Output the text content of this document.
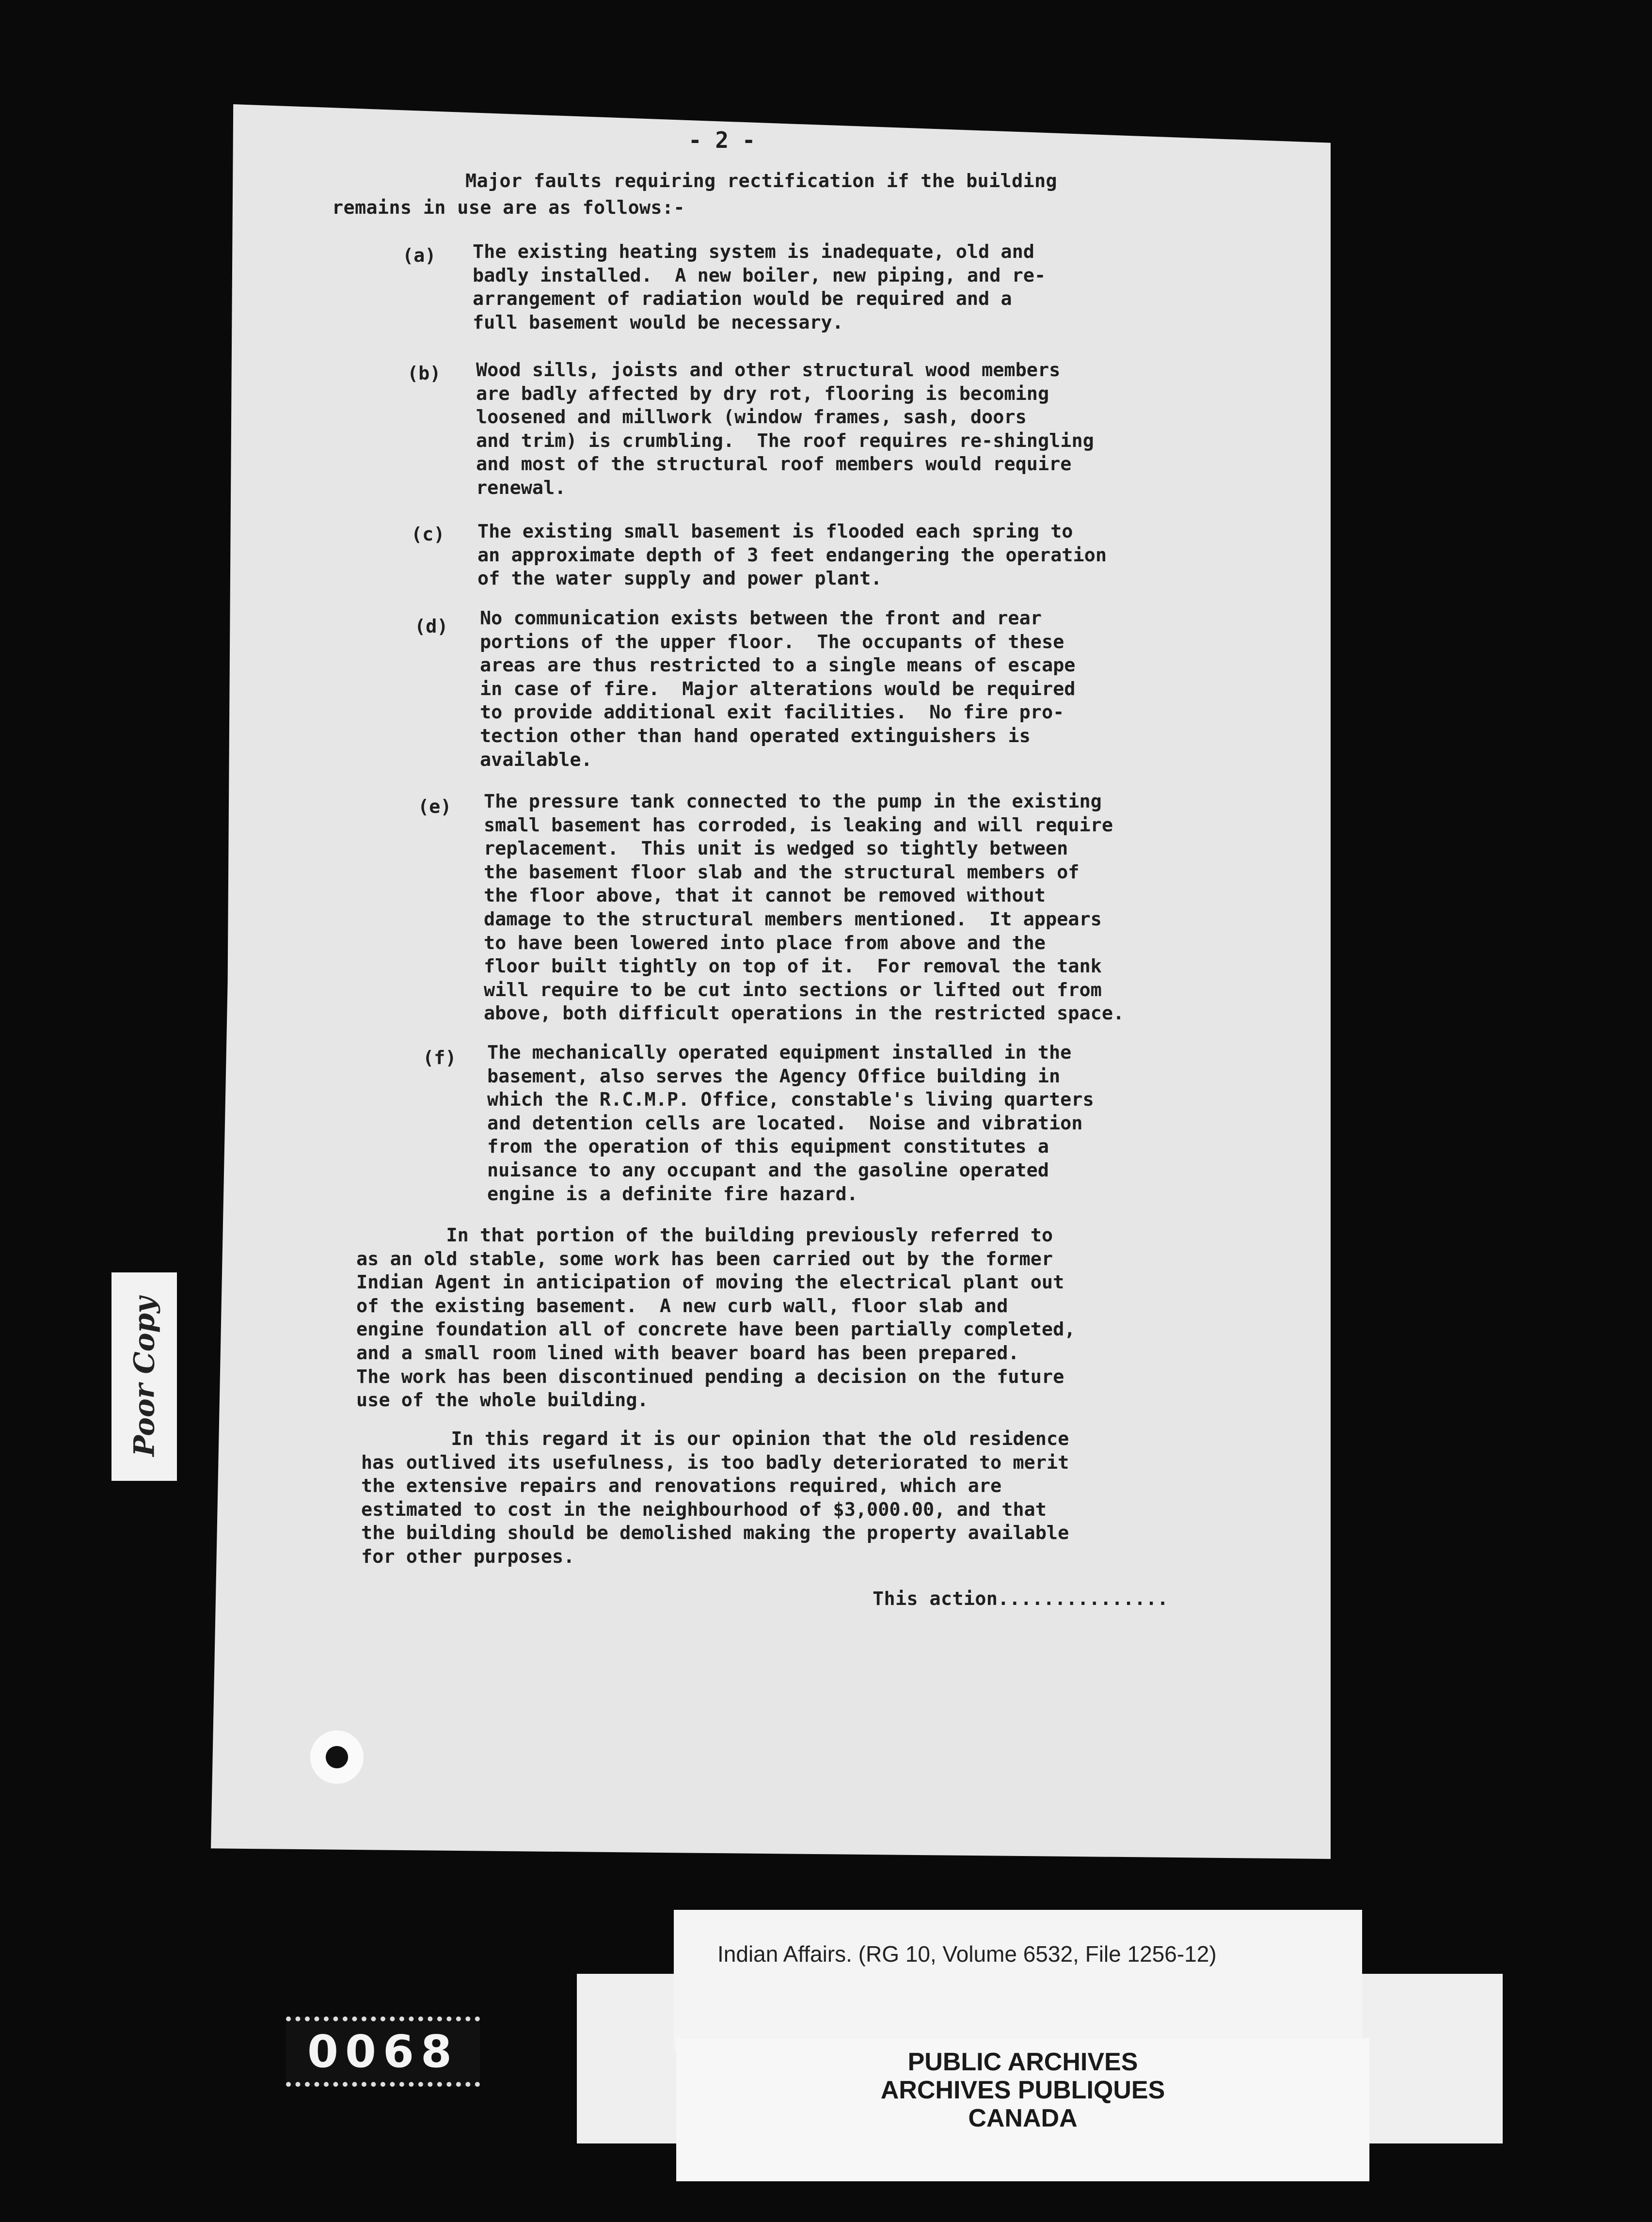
- 2 -
Major faults requiring rectification if the building
remains in use are as follows:-
(a) The existing heating system is inadequate, old and
badly installed.  A new boiler, new piping, and re-
arrangement of radiation would be required and a
full basement would be necessary.
(b) Wood sills, joists and other structural wood members
are badly affected by dry rot, flooring is becoming
loosened and millwork (window frames, sash, doors
and trim) is crumbling.  The roof requires re-shingling
and most of the structural roof members would require
renewal.
(c) The existing small basement is flooded each spring to
an approximate depth of 3 feet endangering the operation
of the water supply and power plant.
(d) No communication exists between the front and rear
portions of the upper floor.  The occupants of these
areas are thus restricted to a single means of escape
in case of fire.  Major alterations would be required
to provide additional exit facilities.  No fire pro-
tection other than hand operated extinguishers is
available.
(e) The pressure tank connected to the pump in the existing
small basement has corroded, is leaking and will require
replacement.  This unit is wedged so tightly between
the basement floor slab and the structural members of
the floor above, that it cannot be removed without
damage to the structural members mentioned.  It appears
to have been lowered into place from above and the
floor built tightly on top of it.  For removal the tank
will require to be cut into sections or lifted out from
above, both difficult operations in the restricted space.
(f) The mechanically operated equipment installed in the
basement, also serves the Agency Office building in
which the R.C.M.P. Office, constable's living quarters
and detention cells are located.  Noise and vibration
from the operation of this equipment constitutes a
nuisance to any occupant and the gasoline operated
engine is a definite fire hazard.
In that portion of the building previously referred to
as an old stable, some work has been carried out by the former
Indian Agent in anticipation of moving the electrical plant out
of the existing basement.  A new curb wall, floor slab and
engine foundation all of concrete have been partially completed,
and a small room lined with beaver board has been prepared.
The work has been discontinued pending a decision on the future
use of the whole building.
In this regard it is our opinion that the old residence
has outlived its usefulness, is too badly deteriorated to merit
the extensive repairs and renovations required, which are
estimated to cost in the neighbourhood of $3,000.00, and that
the building should be demolished making the property available
for other purposes.
This action...............
Poor Copy
0068
Indian Affairs. (RG 10, Volume 6532, File 1256-12)
PUBLIC ARCHIVES
ARCHIVES PUBLIQUES
CANADA
